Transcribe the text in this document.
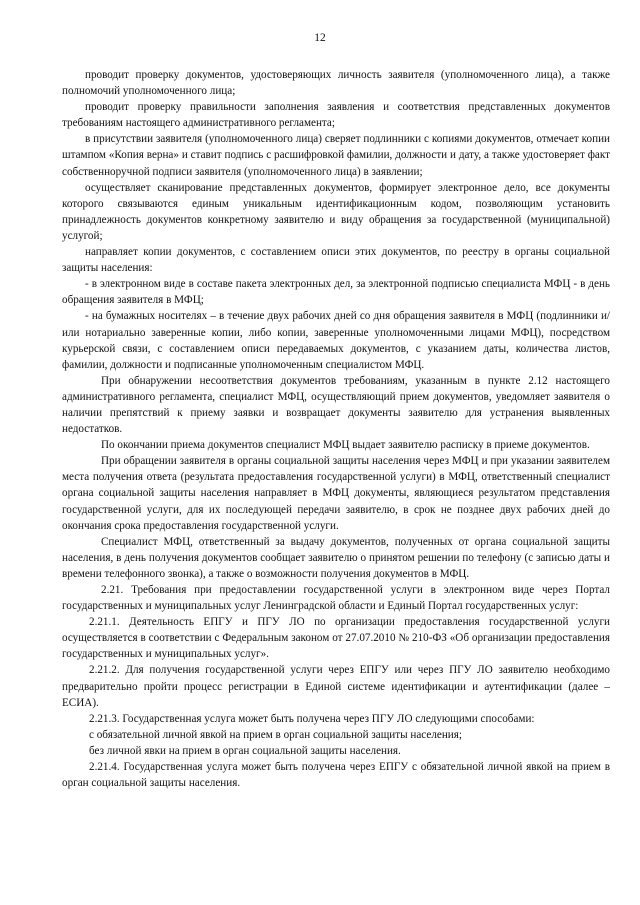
12

проводит проверку документов, удостоверяющих личность заявителя (уполномоченного лица), а также полномочий уполномоченного лица;

проводит проверку правильности заполнения заявления и соответствия представленных документов требованиям настоящего административного регламента;

в присутствии заявителя (уполномоченного лица) сверяет подлинники с копиями документов, отмечает копии штампом «Копия верна» и ставит подпись с расшифровкой фамилии, должности и дату, а также удостоверяет факт собственноручной подписи заявителя (уполномоченного лица) в заявлении;

осуществляет сканирование представленных документов, формирует электронное дело, все документы которого связываются единым уникальным идентификационным кодом, позволяющим установить принадлежность документов конкретному заявителю и виду обращения за государственной (муниципальной) услугой;

направляет копии документов, с составлением описи этих документов, по реестру в органы социальной защиты населения:

- в электронном виде в составе пакета электронных дел, за электронной подписью специалиста МФЦ - в день обращения заявителя в МФЦ;

- на бумажных носителях – в течение двух рабочих дней со дня обращения заявителя в МФЦ (подлинники и/или нотариально заверенные копии, либо копии, заверенные уполномоченными лицами МФЦ), посредством курьерской связи, с составлением описи передаваемых документов, с указанием даты, количества листов, фамилии, должности и подписанные уполномоченным специалистом МФЦ.

При обнаружении несоответствия документов требованиям, указанным в пункте 2.12 настоящего административного регламента, специалист МФЦ, осуществляющий прием документов, уведомляет заявителя о наличии препятствий к приему заявки и возвращает документы заявителю для устранения выявленных недостатков.

По окончании приема документов специалист МФЦ выдает заявителю расписку в приеме документов.

При обращении заявителя в органы социальной защиты населения через МФЦ и при указании заявителем места получения ответа (результата предоставления государственной услуги) в МФЦ, ответственный специалист органа социальной защиты населения направляет в МФЦ документы, являющиеся результатом представления государственной услуги, для их последующей передачи заявителю, в срок не позднее двух рабочих дней до окончания срока предоставления государственной услуги.

Специалист МФЦ, ответственный за выдачу документов, полученных от органа социальной защиты населения, в день получения документов сообщает заявителю о принятом решении по телефону (с записью даты и времени телефонного звонка), а также о возможности получения документов в МФЦ.

2.21. Требования при предоставлении государственной услуги в электронном виде через Портал государственных и муниципальных услуг Ленинградской области и Единый Портал государственных услуг:

2.21.1. Деятельность ЕПГУ и ПГУ ЛО по организации предоставления государственной услуги осуществляется в соответствии с Федеральным законом от 27.07.2010 № 210-ФЗ «Об организации предоставления государственных и муниципальных услуг».

2.21.2. Для получения государственной услуги через ЕПГУ или через ПГУ ЛО заявителю необходимо предварительно пройти процесс регистрации в Единой системе идентификации и аутентификации (далее – ЕСИА).

2.21.3. Государственная услуга может быть получена через ПГУ ЛО следующими способами:

с обязательной личной явкой на прием в орган социальной защиты населения;

без личной явки на прием в орган социальной защиты населения.

2.21.4. Государственная услуга может быть получена через ЕПГУ с обязательной личной явкой на прием в орган социальной защиты населения.
